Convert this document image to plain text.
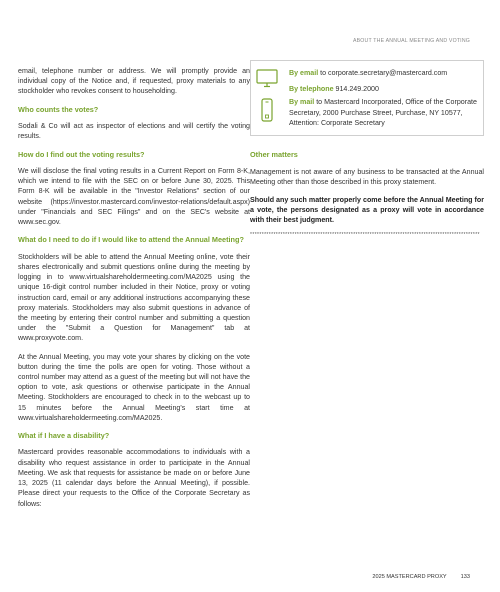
ABOUT THE ANNUAL MEETING AND VOTING

email, telephone number or address. We will promptly provide an individual copy of the Notice and, if requested, proxy materials to any stockholder who revokes consent to householding.

Who counts the votes?

Sodali & Co will act as inspector of elections and will certify the voting results.

How do I find out the voting results?

We will disclose the final voting results in a Current Report on Form 8-K, which we intend to file with the SEC on or before June 30, 2025. This Form 8-K will be available in the "Investor Relations" section of our website (https://investor.mastercard.com/investor-relations/default.aspx) under "Financials and SEC Filings" and on the SEC's website at www.sec.gov.

What do I need to do if I would like to attend the Annual Meeting?

Stockholders will be able to attend the Annual Meeting online, vote their shares electronically and submit questions online during the meeting by logging in to www.virtualshareholdermeeting.com/MA2025 using the unique 16-digit control number included in their Notice, proxy or voting instruction card, email or any additional instructions accompanying these proxy materials. Stockholders may also submit questions in advance of the meeting by entering their control number and submitting a question under the "Submit a Question for Management" tab at www.proxyvote.com.

At the Annual Meeting, you may vote your shares by clicking on the vote button during the time the polls are open for voting. Those without a control number may attend as a guest of the meeting but will not have the option to vote, ask questions or otherwise participate in the Annual Meeting. Stockholders are encouraged to check in to the webcast up to 15 minutes before the Annual Meeting's start time at www.virtualshareholdermeeting.com/MA2025.

What if I have a disability?

Mastercard provides reasonable accommodations to individuals with a disability who request assistance in order to participate in the Annual Meeting. We ask that requests for assistance be made on or before June 13, 2025 (11 calendar days before the Annual Meeting), if possible. Please direct your requests to the Office of the Corporate Secretary as follows:

By email to corporate.secretary@mastercard.com
By telephone 914.249.2000
By mail to Mastercard Incorporated, Office of the Corporate Secretary, 2000 Purchase Street, Purchase, NY 10577, Attention: Corporate Secretary
Other matters

Management is not aware of any business to be transacted at the Annual Meeting other than those described in this proxy statement.

Should any such matter properly come before the Annual Meeting for a vote, the persons designated as a proxy will vote in accordance with their best judgment.

**************************************************************************************************
2025 MASTERCARD PROXY	133
